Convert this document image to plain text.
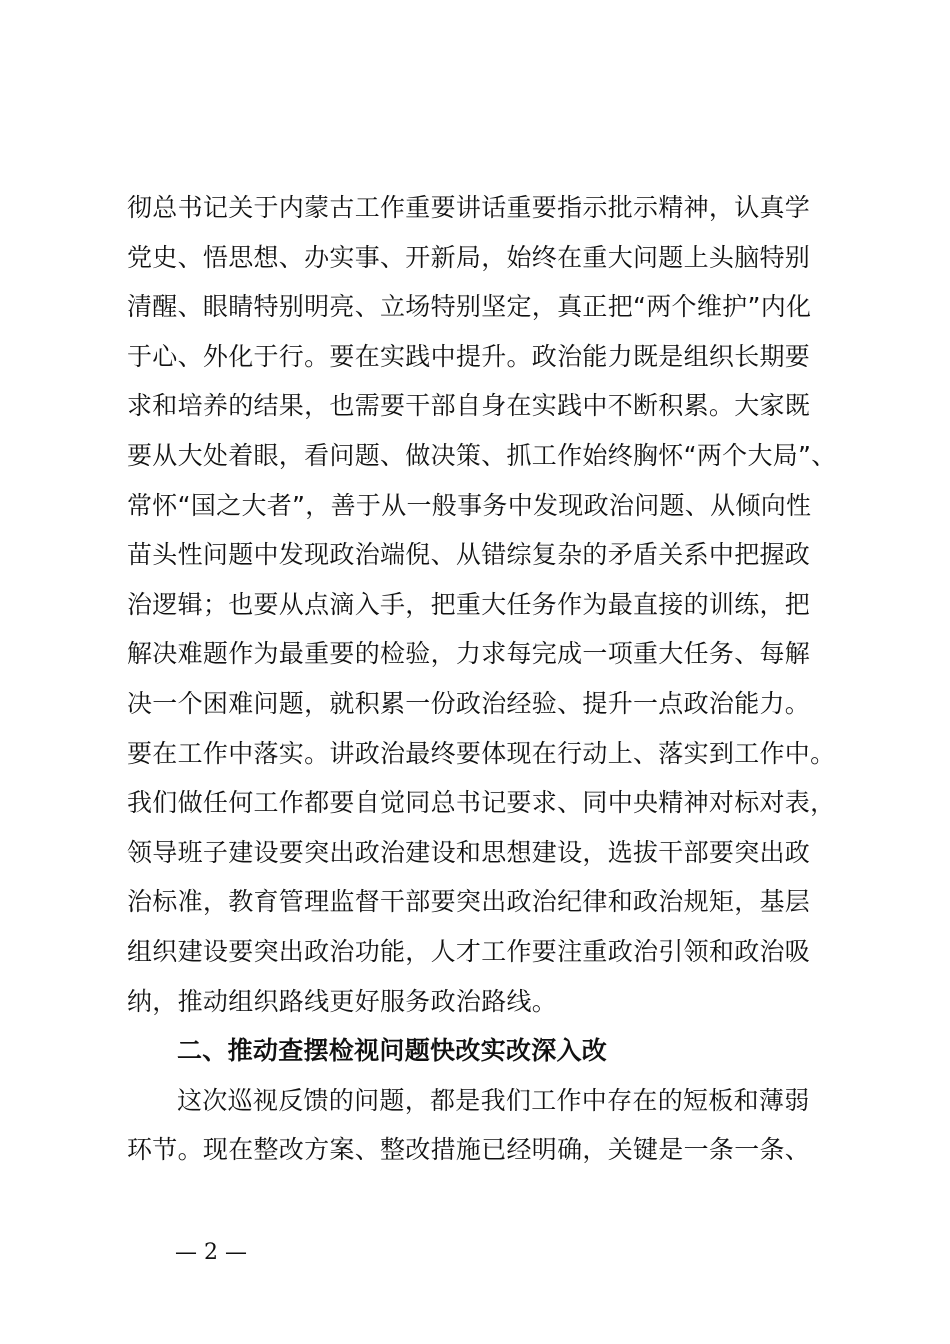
彻总书记关于内蒙古工作重要讲话重要指示批示精神，认真学
党史、悟思想、办实事、开新局，始终在重大问题上头脑特别
清醒、眼睛特别明亮、立场特别坚定，真正把“两个维护”内化
于心、外化于行。要在实践中提升。政治能力既是组织长期要
求和培养的结果，也需要干部自身在实践中不断积累。大家既
要从大处着眼，看问题、做决策、抓工作始终胸怀“两个大局”、
常怀“国之大者”，善于从一般事务中发现政治问题、从倾向性
苗头性问题中发现政治端倪、从错综复杂的矛盾关系中把握政
治逻辑；也要从点滴入手，把重大任务作为最直接的训练，把
解决难题作为最重要的检验，力求每完成一项重大任务、每解
决一个困难问题，就积累一份政治经验、提升一点政治能力。
要在工作中落实。讲政治最终要体现在行动上、落实到工作中。
我们做任何工作都要自觉同总书记要求、同中央精神对标对表，
领导班子建设要突出政治建设和思想建设，选拔干部要突出政
治标准，教育管理监督干部要突出政治纪律和政治规矩，基层
组织建设要突出政治功能，人才工作要注重政治引领和政治吸
纳，推动组织路线更好服务政治路线。
二、推动查摆检视问题快改实改深入改
这次巡视反馈的问题，都是我们工作中存在的短板和薄弱
环节。现在整改方案、整改措施已经明确，关键是一条一条、
— 2 —
